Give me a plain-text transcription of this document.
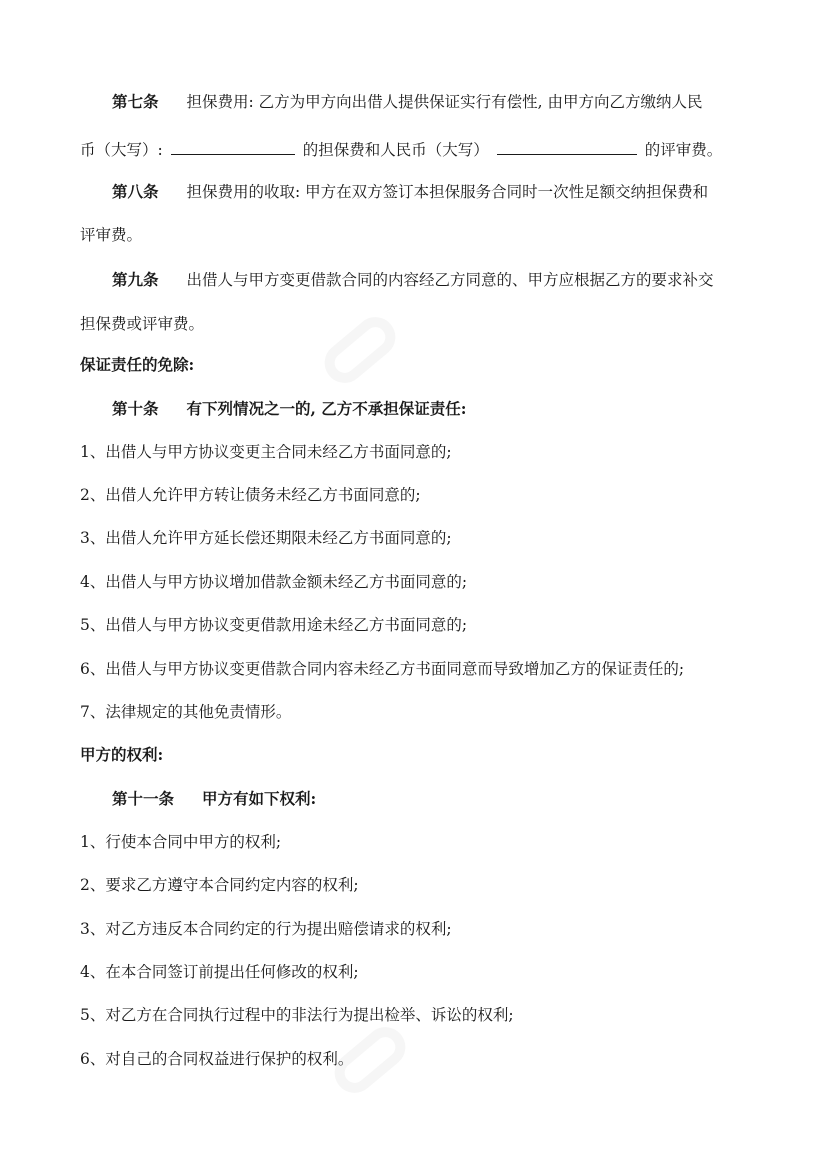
第七条 担保费用: 乙方为甲方向出借人提供保证实行有偿性, 由甲方向乙方缴纳人民
币（大写）:	的担保费和人民币（大写）	的评审费。
第八条 担保费用的收取: 甲方在双方签订本担保服务合同时一次性足额交纳担保费和
评审费。
第九条 出借人与甲方变更借款合同的内容经乙方同意的、甲方应根据乙方的要求补交
担保费或评审费。
保证责任的免除:
第十条 有下列情况之一的, 乙方不承担保证责任:
1、出借人与甲方协议变更主合同未经乙方书面同意的;
2、出借人允许甲方转让债务未经乙方书面同意的;
3、出借人允许甲方延长偿还期限未经乙方书面同意的;
4、出借人与甲方协议增加借款金额未经乙方书面同意的;
5、出借人与甲方协议变更借款用途未经乙方书面同意的;
6、出借人与甲方协议变更借款合同内容未经乙方书面同意而导致增加乙方的保证责任的;
7、法律规定的其他免责情形。
甲方的权利:
第十一条 甲方有如下权利:
1、行使本合同中甲方的权利;
2、要求乙方遵守本合同约定内容的权利;
3、对乙方违反本合同约定的行为提出赔偿请求的权利;
4、在本合同签订前提出任何修改的权利;
5、对乙方在合同执行过程中的非法行为提出检举、诉讼的权利;
6、对自己的合同权益进行保护的权利。
